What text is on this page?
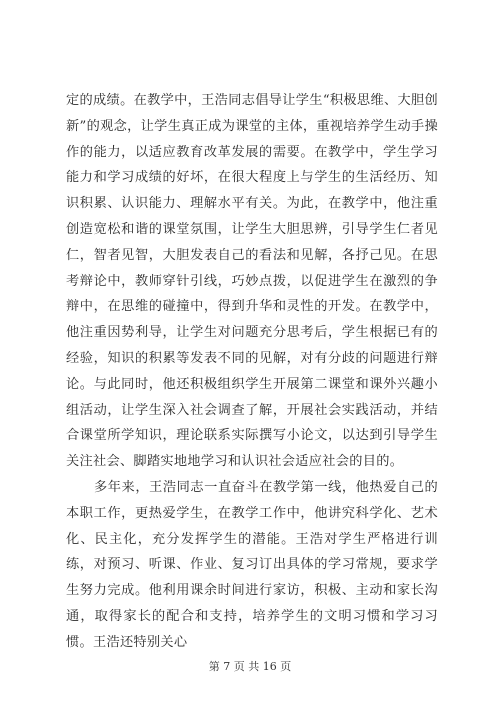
定的成绩。在教学中，王浩同志倡导让学生“积极思维、大胆创新”的观念，让学生真正成为课堂的主体，重视培养学生动手操作的能力，以适应教育改革发展的需要。在教学中，学生学习能力和学习成绩的好坏，在很大程度上与学生的生活经历、知识积累、认识能力、理解水平有关。为此，在教学中，他注重创造宽松和谐的课堂氛围，让学生大胆思辨，引导学生仁者见仁，智者见智，大胆发表自己的看法和见解，各抒己见。在思考辩论中，教师穿针引线，巧妙点拨，以促进学生在激烈的争辩中，在思维的碰撞中，得到升华和灵性的开发。在教学中，他注重因势利导，让学生对问题充分思考后，学生根据已有的经验，知识的积累等发表不同的见解，对有分歧的问题进行辩论。与此同时，他还积极组织学生开展第二课堂和课外兴趣小组活动，让学生深入社会调查了解，开展社会实践活动，并结合课堂所学知识，理论联系实际撰写小论文，以达到引导学生关注社会、脚踏实地地学习和认识社会适应社会的目的。

多年来，王浩同志一直奋斗在教学第一线，他热爱自己的本职工作，更热爱学生，在教学工作中，他讲究科学化、艺术化、民主化，充分发挥学生的潜能。王浩对学生严格进行训练，对预习、听课、作业、复习订出具体的学习常规，要求学生努力完成。他利用课余时间进行家访，积极、主动和家长沟通，取得家长的配合和支持，培养学生的文明习惯和学习习惯。王浩还特别关心

第 7 页 共 16 页
